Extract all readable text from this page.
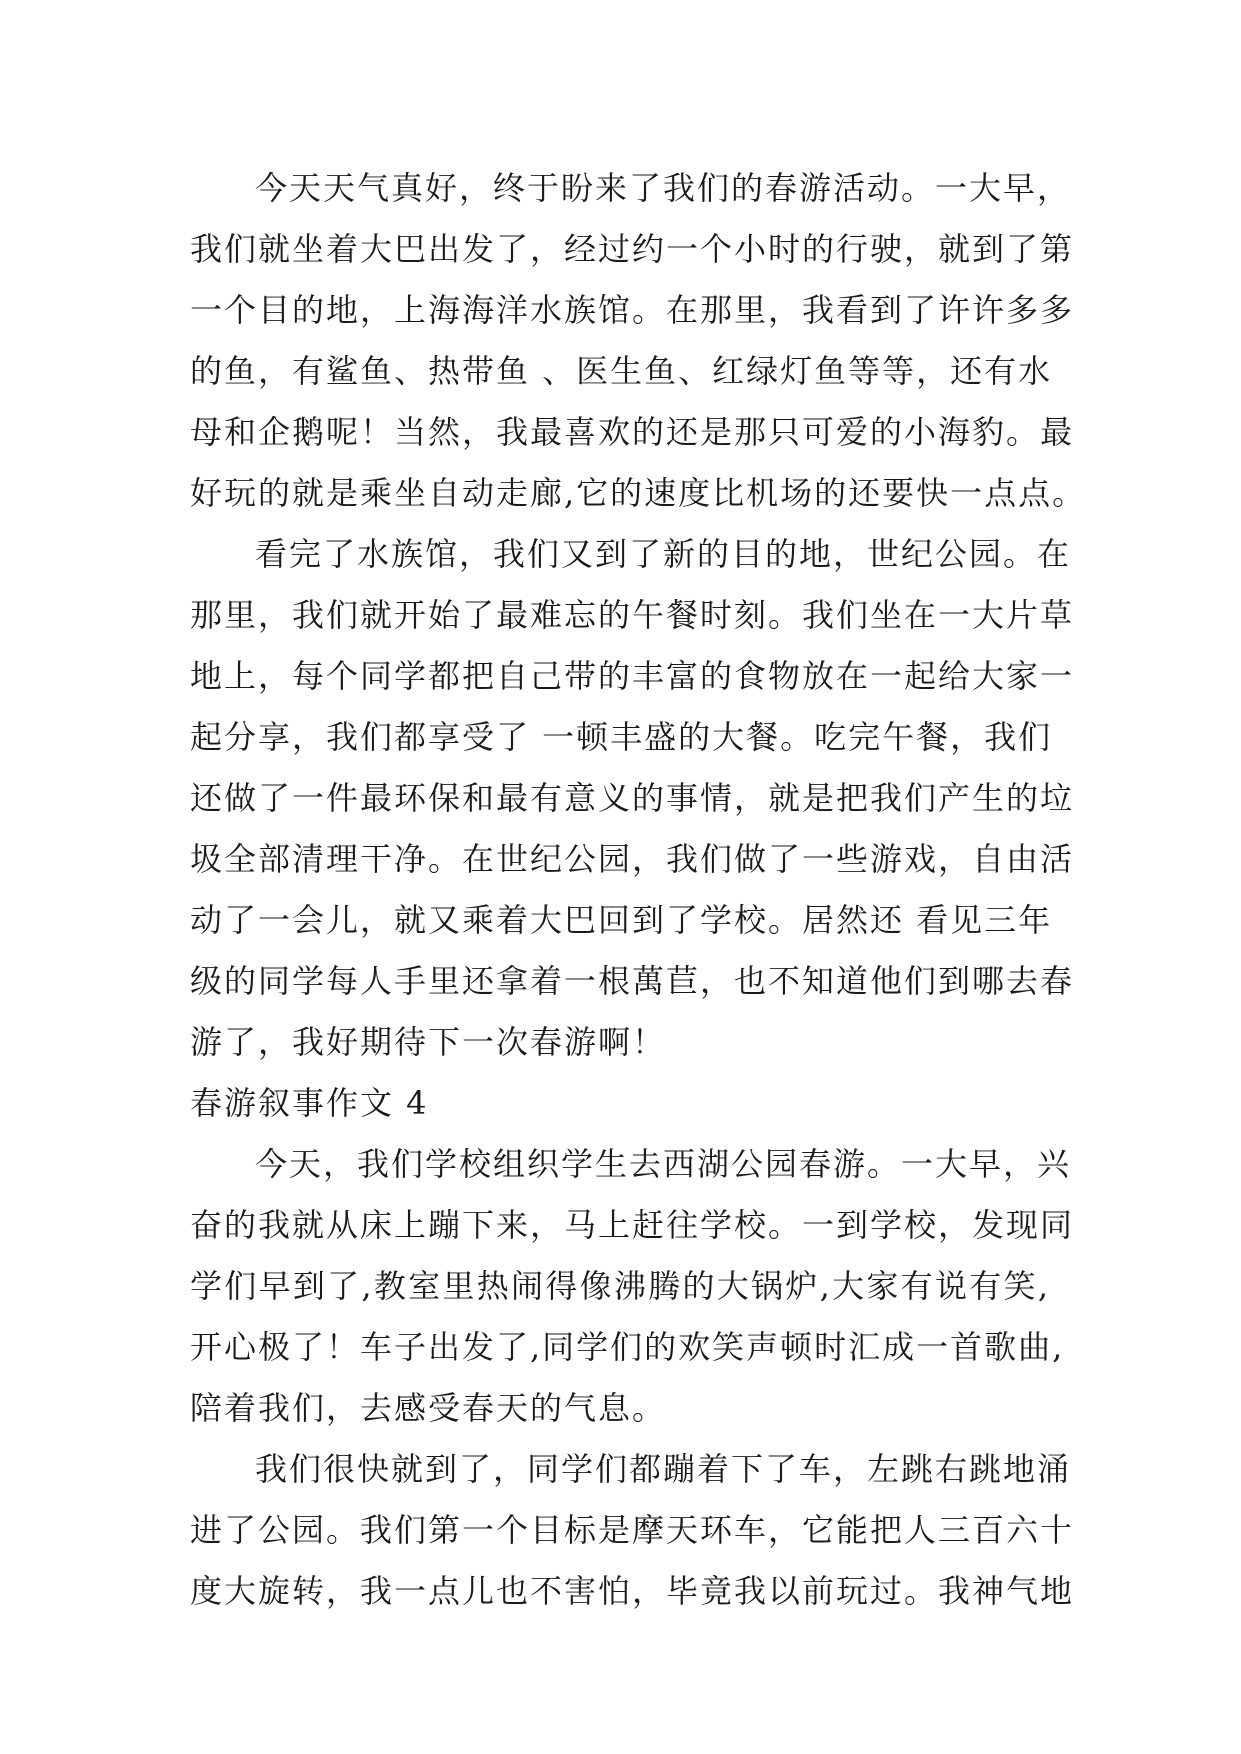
今天天气真好，终于盼来了我们的春游活动。一大早，
我们就坐着大巴出发了，经过约一个小时的行驶，就到了第
一个目的地，上海海洋水族馆。在那里，我看到了许许多多
的鱼，有鲨鱼、热带鱼 、医生鱼、红绿灯鱼等等，还有水
母和企鹅呢！当然，我最喜欢的还是那只可爱的小海豹。最
好玩的就是乘坐自动走廊,它的速度比机场的还要快一点点。
看完了水族馆，我们又到了新的目的地，世纪公园。在
那里，我们就开始了最难忘的午餐时刻。我们坐在一大片草
地上，每个同学都把自己带的丰富的食物放在一起给大家一
起分享，我们都享受了 一顿丰盛的大餐。吃完午餐，我们
还做了一件最环保和最有意义的事情，就是把我们产生的垃
圾全部清理干净。在世纪公园，我们做了一些游戏，自由活
动了一会儿，就又乘着大巴回到了学校。居然还 看见三年
级的同学每人手里还拿着一根萬苣，也不知道他们到哪去春
游了，我好期待下一次春游啊！
春游叙事作文 4
今天，我们学校组织学生去西湖公园春游。一大早，兴
奋的我就从床上蹦下来，马上赶往学校。一到学校，发现同
学们早到了,教室里热闹得像沸腾的大锅炉,大家有说有笑,
开心极了！车子出发了,同学们的欢笑声顿时汇成一首歌曲,
陪着我们，去感受春天的气息。
我们很快就到了，同学们都蹦着下了车，左跳右跳地涌
进了公园。我们第一个目标是摩天环车，它能把人三百六十
度大旋转，我一点儿也不害怕，毕竟我以前玩过。我神气地
